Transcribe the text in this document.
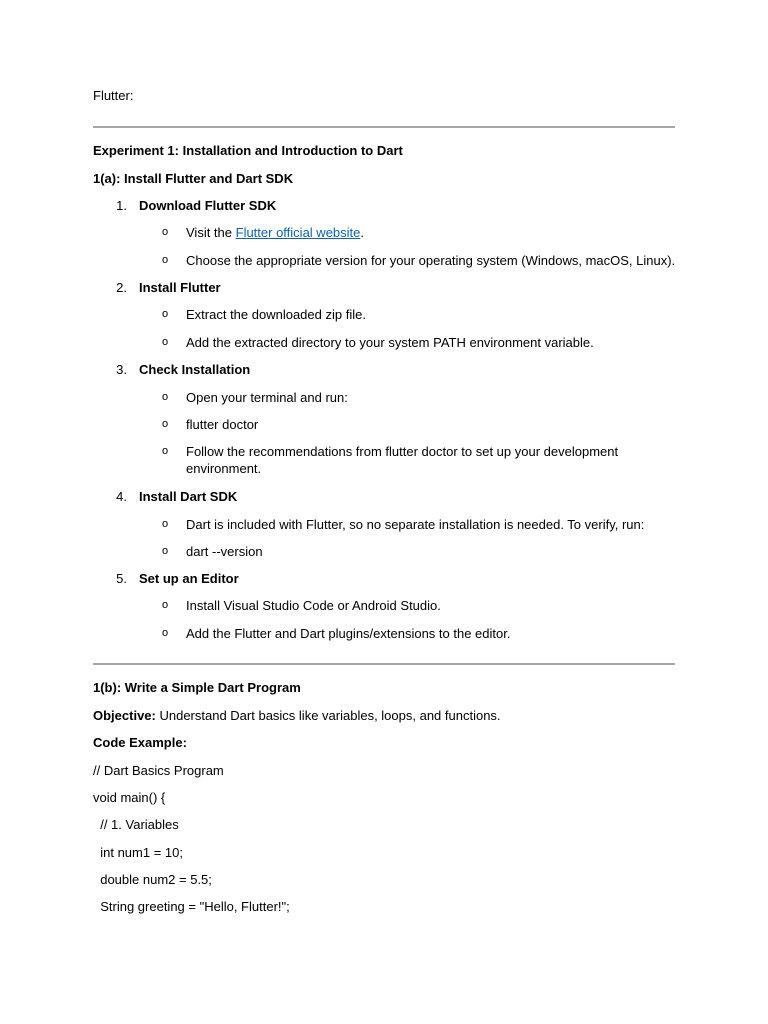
Flutter:
Experiment 1: Installation and Introduction to Dart
1(a): Install Flutter and Dart SDK
1. Download Flutter SDK
o Visit the Flutter official website.
o Choose the appropriate version for your operating system (Windows, macOS, Linux).
2. Install Flutter
o Extract the downloaded zip file.
o Add the extracted directory to your system PATH environment variable.
3. Check Installation
o Open your terminal and run:
o flutter doctor
o Follow the recommendations from flutter doctor to set up your development environment.
4. Install Dart SDK
o Dart is included with Flutter, so no separate installation is needed. To verify, run:
o dart --version
5. Set up an Editor
o Install Visual Studio Code or Android Studio.
o Add the Flutter and Dart plugins/extensions to the editor.
1(b): Write a Simple Dart Program
Objective: Understand Dart basics like variables, loops, and functions.
Code Example:
// Dart Basics Program
void main() {
// 1. Variables
int num1 = 10;
double num2 = 5.5;
String greeting = "Hello, Flutter!";
